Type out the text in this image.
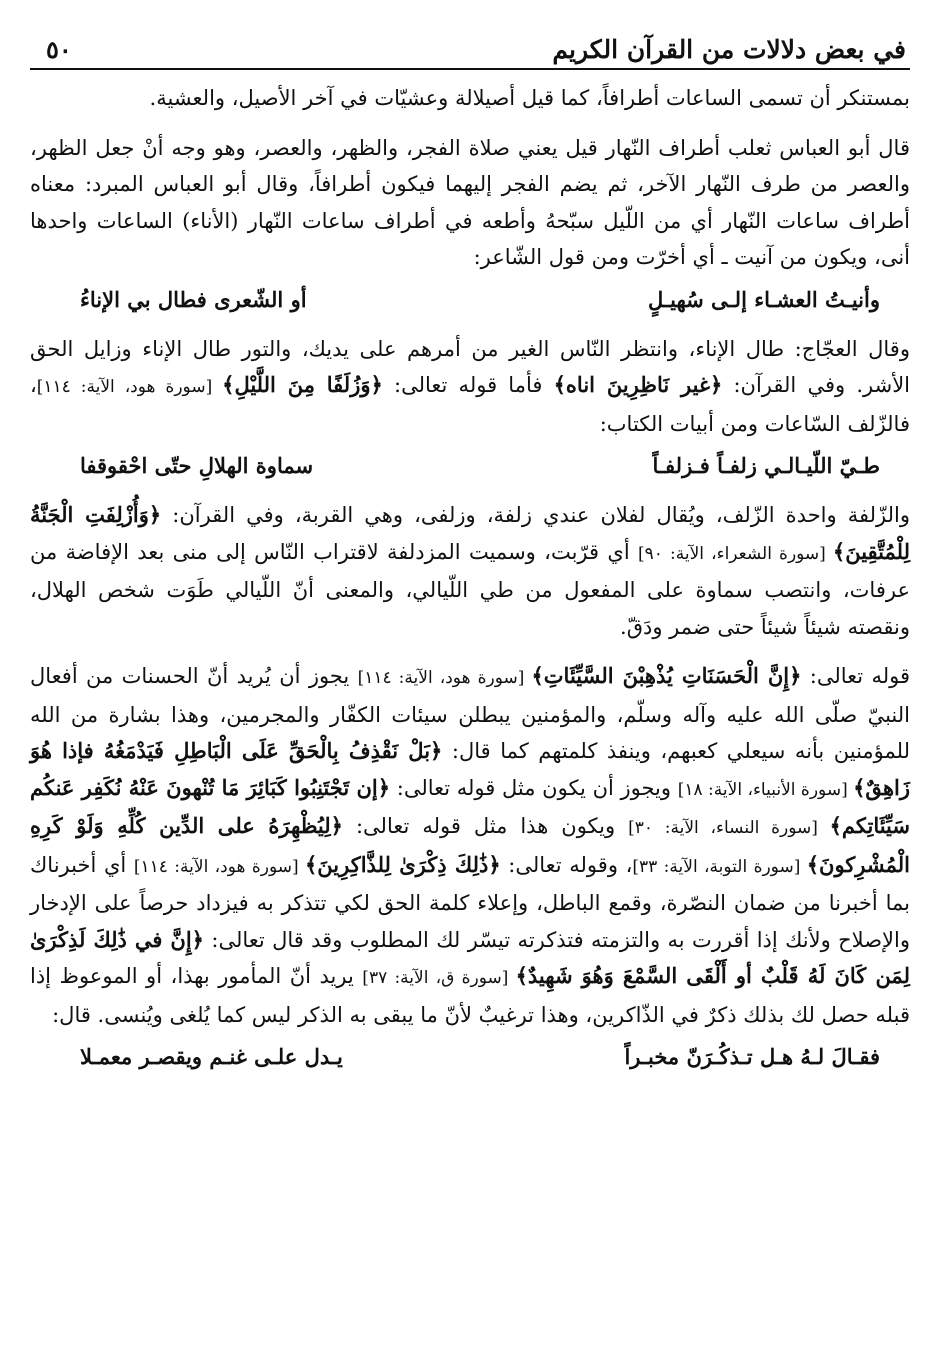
٥٠	في بعض دلالات من القرآن الكريم

بمستنكر أن تسمى الساعات أطرافاً، كما قيل أصيلالة وعشيّات في آخر الأصيل، والعشية.

قال أبو العباس ثعلب أطراف النّهار قيل يعني صلاة الفجر، والظهر، والعصر، وهو وجه أنْ جعل الظهر، والعصر من طرف النّهار الآخر، ثم يضم الفجر إليهما فيكون أطرافاً، وقال أبو العباس المبرد: معناه أطراف ساعات النّهار أي من اللّيل سبّحهُ وأطعه في أطراف ساعات النّهار (الأناء) الساعات واحدها أنى، ويكون من آنيت ـ أي أخرّت ومن قول الشّاعر:

وأنيـتُ العشـاء إلـى سُهيـلٍ
أو الشّعرى فطال بي الإناءُ

وقال العجّاج: طال الإناء، وانتظر النّاس الغير من أمرهم على يديك، والتور طال الإناء وزايل الحق الأشر. وفي القرآن: ﴿غير نَاظِرِينَ اناه﴾ فأما قوله تعالى: ﴿وَزُلَفًا مِنَ اللَّيْلِ﴾ [سورة هود، الآية: ١١٤]، فالزّلف السّاعات ومن أبيات الكتاب:

طـيّ اللّيـالـي زلفـاً فـزلفـاً
سماوة الهلالِ حتّى احْقوقفا

والزّلفة واحدة الزّلف، ويُقال لفلان عندي زلفة، وزلفى، وهي القربة، وفي القرآن: ﴿وَأُزْلِفَتِ الْجَنَّةُ لِلْمُتَّقِينَ﴾ [سورة الشعراء، الآية: ٩٠] أي قرّبت، وسميت المزدلفة لاقتراب النّاس إلى منى بعد الإفاضة من عرفات، وانتصب سماوة على المفعول من طي اللّيالي، والمعنى أنّ اللّيالي طَوَت شخص الهلال، ونقصته شيئاً شيئاً حتى ضمر ودَقّ.

قوله تعالى: ﴿إِنَّ الْحَسَنَاتِ يُذْهِبْنَ السَّيِّئَاتِ﴾ [سورة هود، الآية: ١١٤] يجوز أن يُريد أنّ الحسنات من أفعال النبيّ صلّى الله عليه وآله وسلّم، والمؤمنين يبطلن سيئات الكفّار والمجرمين، وهذا بشارة من الله للمؤمنين بأنه سيعلي كعبهم، وينفذ كلمتهم كما قال: ﴿بَلْ نَقْذِفُ بِالْحَقِّ عَلَى الْبَاطِلِ فَيَدْمَغُهُ فإذا هُوَ زَاهِقٌ﴾ [سورة الأنبياء، الآية: ١٨] ويجوز أن يكون مثل قوله تعالى: ﴿إن تَجْتَنِبُوا كَبَائِرَ مَا تُنْهونَ عَنْهُ نُكَفِر عَنكُم سَيِّئَاتِكم﴾ [سورة النساء، الآية: ٣٠] ويكون هذا مثل قوله تعالى: ﴿لِيُظْهِرَهُ على الدِّين كُلِّهِ وَلَوْ كَرِهِ الْمُشْرِكونَ﴾ [سورة التوبة، الآية: ٣٣]، وقوله تعالى: ﴿ذَٰلِكَ ذِكْرَىٰ لِلذَّاكِرِينَ﴾ [سورة هود، الآية: ١١٤] أي أخبرناك بما أخبرنا من ضمان النصّرة، وقمع الباطل، وإعلاء كلمة الحق لكي تتذكر به فيزداد حرصاً على الإدخار والإصلاح ولأنك إذا أقررت به والتزمته فتذكرته تيسّر لك المطلوب وقد قال تعالى: ﴿إِنَّ في ذَٰلِكَ لَذِكْرَىٰ لِمَن كَانَ لَهُ قَلْبٌ أو أَلْقَى السَّمْعَ وَهُوَ شَهِيدٌ﴾ [سورة ق، الآية: ٣٧] يريد أنّ المأمور بهذا، أو الموعوظ إذا قبله حصل لك بذلك ذكرٌ في الذّاكرين، وهذا ترغيبٌ لأنّ ما يبقى به الذكر ليس كما يُلغى ويُنسى. قال:

فقـالَ لـهُ هـل تـذكُـرَنّ مخبـراً
يـدل علـى غنـم ويقصـر معمـلا
